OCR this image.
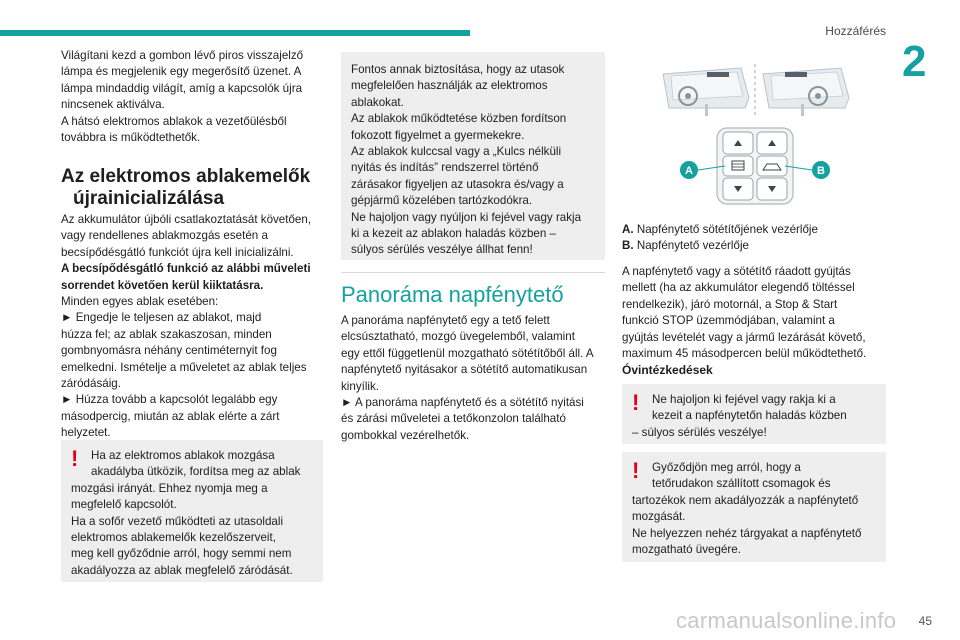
Hozzáférés
2

Világítani kezd a gombon lévő piros visszajelző

lámpa és megjelenik egy megerősítő üzenet. A

lámpa mindaddig világít, amíg a kapcsolók újra

nincsenek aktiválva.

A hátsó elektromos ablakok a vezetőülésből

továbbra is működtethetők.

Az elektromos ablakemelők
újrainicializálása

Az akkumulátor újbóli csatlakoztatását követően,

vagy rendellenes ablakmozgás esetén a

becsípődésgátló funkciót újra kell inicializálni.

A becsípődésgátló funkció az alábbi műveleti

sorrendet követően kerül kiiktatásra.

Minden egyes ablak esetében:

► Engedje le teljesen az ablakot, majd

húzza fel; az ablak szakaszosan, minden

gombnyomásra néhány centiméternyit fog

emelkedni. Ismételje a műveletet az ablak teljes

záródásáig.

► Húzza tovább a kapcsolót legalább egy

másodpercig, miután az ablak elérte a zárt

helyzetet.

!	Ha az elektromos ablakok mozgása

akadályba ütközik, fordítsa meg az ablak

mozgási irányát. Ehhez nyomja meg a

megfelelő kapcsolót.

Ha a sofőr vezető működteti az utasoldali

elektromos ablakemelők kezelőszerveit,

meg kell győződnie arról, hogy semmi nem

akadályozza az ablak megfelelő záródását.

Fontos annak biztosítása, hogy az utasok

megfelelően használják az elektromos

ablakokat.

Az ablakok működtetése közben fordítson

fokozott figyelmet a gyermekekre.

Az ablakok kulccsal vagy a „Kulcs nélküli

nyitás és indítás” rendszerrel történő

zárásakor figyeljen az utasokra és/vagy a

gépjármű közelében tartózkodókra.

Ne hajoljon vagy nyúljon ki fejével vagy rakja

ki a kezeit az ablakon haladás közben –

súlyos sérülés veszélye állhat fenn!

Panoráma napfénytető

A panoráma napfénytető egy a tető felett

elcsúsztatható, mozgó üvegelemből, valamint

egy ettől függetlenül mozgatható sötétítőből áll. A

napfénytető nyitásakor a sötétítő automatikusan

kinyílik.

► A panoráma napfénytető és a sötétítő nyitási

és zárási műveletei a tetőkonzolon található

gombokkal vezérelhetők.

A	B

A. Napfénytető sötétítőjének vezérlője

B. Napfénytető vezérlője

A napfénytető vagy a sötétítő ráadott gyújtás

mellett (ha az akkumulátor elegendő töltéssel

rendelkezik), járó motornál, a Stop & Start

funkció STOP üzemmódjában, valamint a

gyújtás levételét vagy a jármű lezárását követő,

maximum 45 másodpercen belül működtethető.

Óvintézkedések

!	Ne hajoljon ki fejével vagy rakja ki a

kezeit a napfénytetőn haladás közben

– súlyos sérülés veszélye!

!	Győződjön meg arról, hogy a

tetőrudakon szállított csomagok és

tartozékok nem akadályozzák a napfénytető

mozgását.

Ne helyezzen nehéz tárgyakat a napfénytető

mozgatható üvegére.

carmanualsonline.info 45
